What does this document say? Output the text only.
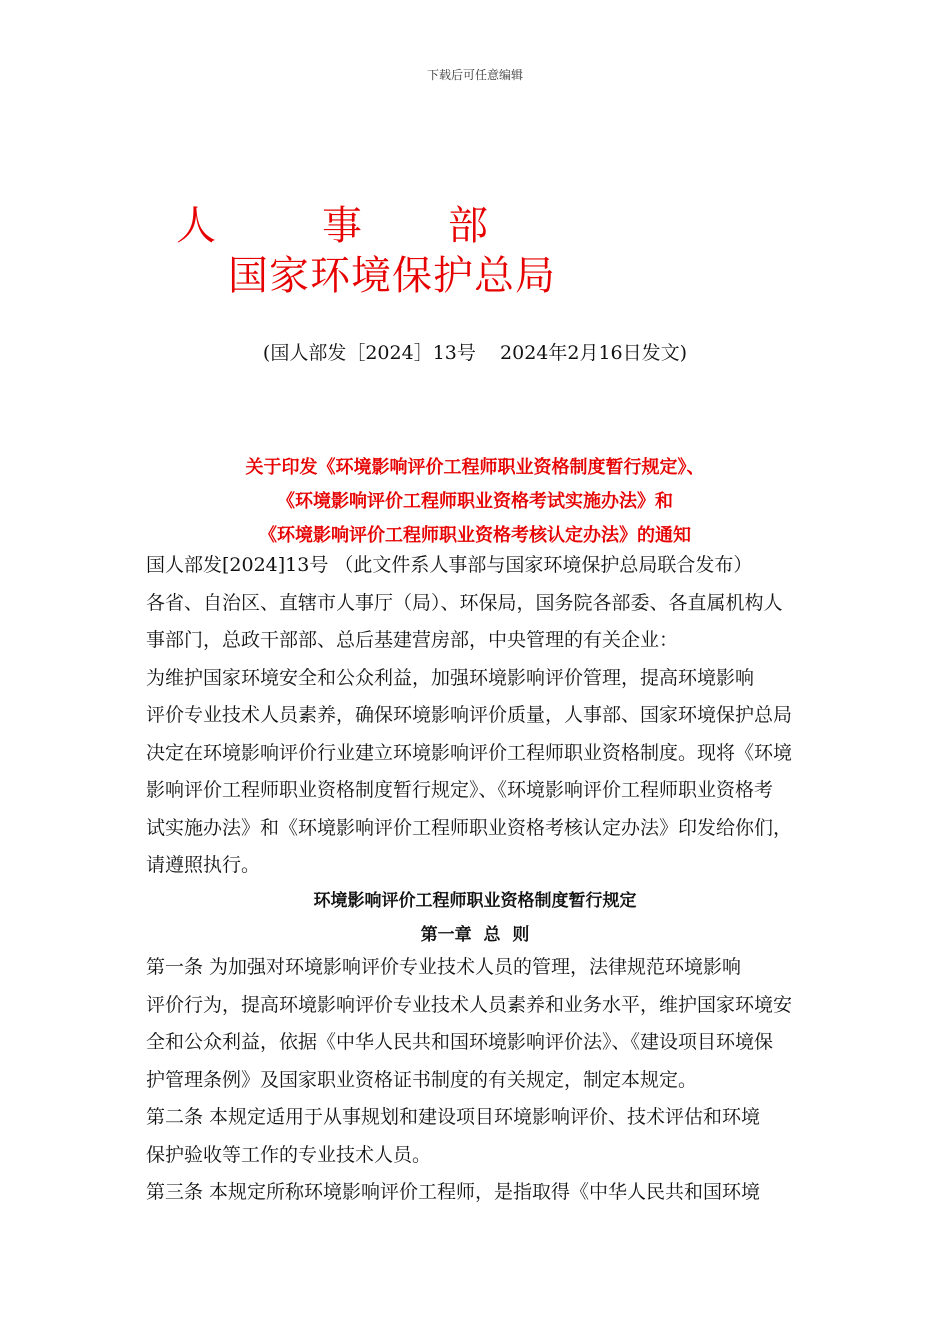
下载后可任意编辑
人	事 部
国家环境保护总局
(国人部发［2024］13号    2024年2月16日发文)
关于印发《环境影响评价工程师职业资格制度暂行规定》、
《环境影响评价工程师职业资格考试实施办法》和
《环境影响评价工程师职业资格考核认定办法》的通知
国人部发[2024]13号 （此文件系人事部与国家环境保护总局联合发布）
各省、自治区、直辖市人事厅（局）、环保局，国务院各部委、各直属机构人
事部门，总政干部部、总后基建营房部，中央管理的有关企业：
为维护国家环境安全和公众利益，加强环境影响评价管理，提高环境影响
评价专业技术人员素养，确保环境影响评价质量，人事部、国家环境保护总局
决定在环境影响评价行业建立环境影响评价工程师职业资格制度。现将《环境
影响评价工程师职业资格制度暂行规定》、《环境影响评价工程师职业资格考
试实施办法》和《环境影响评价工程师职业资格考核认定办法》印发给你们，
请遵照执行。
环境影响评价工程师职业资格制度暂行规定
第一章  总  则
第一条 为加强对环境影响评价专业技术人员的管理，法律规范环境影响
评价行为，提高环境影响评价专业技术人员素养和业务水平，维护国家环境安
全和公众利益，依据《中华人民共和国环境影响评价法》、《建设项目环境保
护管理条例》及国家职业资格证书制度的有关规定，制定本规定。
第二条 本规定适用于从事规划和建设项目环境影响评价、技术评估和环境
保护验收等工作的专业技术人员。
第三条 本规定所称环境影响评价工程师，是指取得《中华人民共和国环境
